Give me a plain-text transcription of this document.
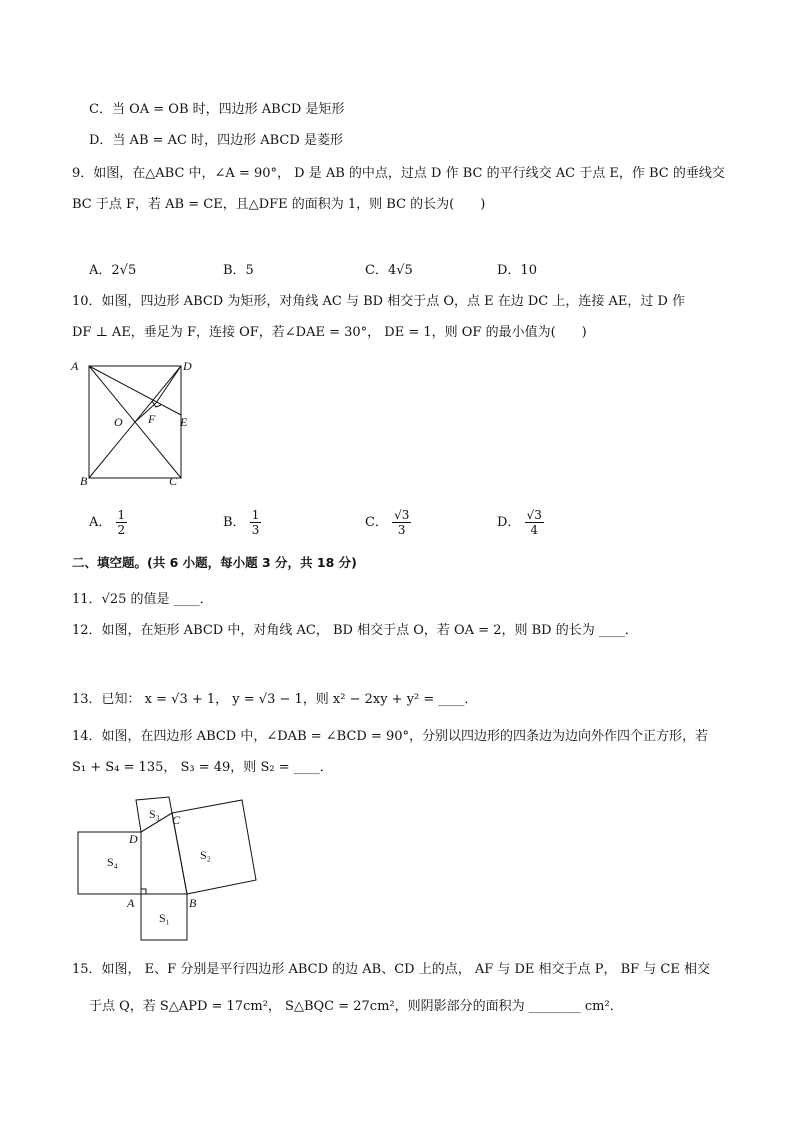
C．当 OA = OB 时，四边形 ABCD 是矩形
D．当 AB = AC 时，四边形 ABCD 是菱形
9．如图，在△ABC 中，∠A = 90°， D 是 AB 的中点，过点 D 作 BC 的平行线交 AC 于点 E，作 BC 的垂线交
BC 于点 F，若 AB = CE，且△DFE 的面积为 1，则 BC 的长为(　　)
A．2√5	B．5	C．4√5	D．10
10．如图，四边形 ABCD 为矩形，对角线 AC 与 BD 相交于点 O，点 E 在边 DC 上，连接 AE，过 D 作
DF ⊥ AE，垂足为 F，连接 OF，若∠DAE = 30°， DE = 1，则 OF 的最小值为(　　)
A	D
B	C
O F E
A． $\frac{1}{2}$	B． $\frac{1}{3}$	C． $\frac{√3}{3}$	D． $\frac{√3}{4}$
二、填空题。(共 6 小题，每小题 3 分，共 18 分)
11．√25 的值是 ____．
12．如图，在矩形 ABCD 中，对角线 AC， BD 相交于点 O，若 OA = 2，则 BD 的长为 ____．
13．已知： x = √3 + 1， y = √3 − 1，则 x² − 2xy + y² = ____．
14．如图，在四边形 ABCD 中，∠DAB = ∠BCD = 90°，分别以四边形的四条边为边向外作四个正方形，若
S₁ + S₄ = 135， S₃ = 49，则 S₂ = ____．
S₄
S₁
S₃
S₂
D
C
A	B
15．如图， E、F 分别是平行四边形 ABCD 的边 AB、CD 上的点， AF 与 DE 相交于点 P， BF 与 CE 相交
于点 Q，若 S△APD = 17cm²， S△BQC = 27cm²，则阴影部分的面积为 ________ cm²．
